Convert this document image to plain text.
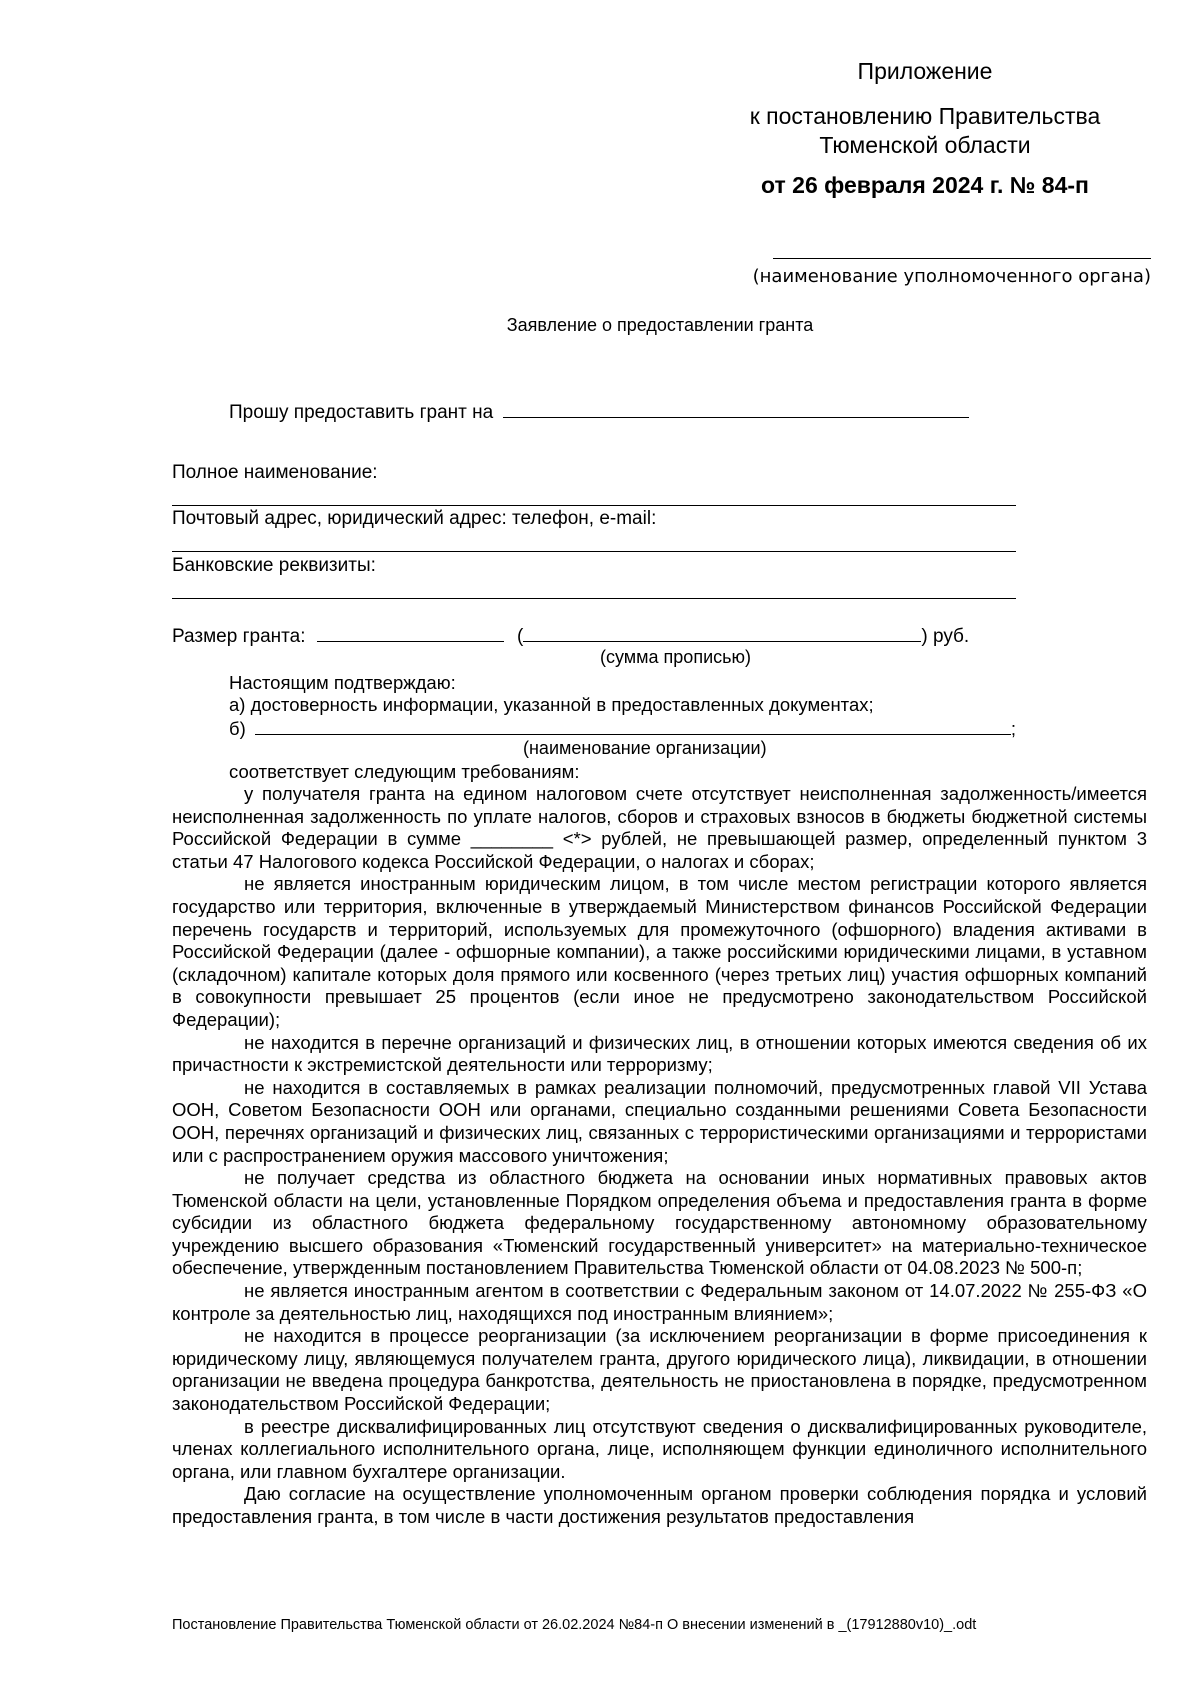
Приложение
к постановлению Правительства
Тюменской области
от 26 февраля 2024 г. № 84-п
(наименование уполномоченного органа)
Заявление о предоставлении гранта
Прошу предоставить грант на
Полное наименование:
Почтовый адрес, юридический адрес: телефон, e-mail:
Банковские реквизиты:
Размер гранта:	(	) руб.
(сумма прописью)
Настоящим подтверждаю:
а) достоверность информации, указанной в предоставленных документах;
б)	;
(наименование организации)
соответствует следующим требованиям:

у получателя гранта на едином налоговом счете отсутствует неисполненная задолженность/имеется неисполненная задолженность по уплате налогов, сборов и страховых взносов в бюджеты бюджетной системы Российской Федерации в сумме ________ <*> рублей, не превышающей размер, определенный пунктом 3 статьи 47 Налогового кодекса Российской Федерации, о налогах и сборах;

не является иностранным юридическим лицом, в том числе местом регистрации которого является государство или территория, включенные в утверждаемый Министерством финансов Российской Федерации перечень государств и территорий, используемых для промежуточного (офшорного) владения активами в Российской Федерации (далее - офшорные компании), а также российскими юридическими лицами, в уставном (складочном) капитале которых доля прямого или косвенного (через третьих лиц) участия офшорных компаний в совокупности превышает 25 процентов (если иное не предусмотрено законодательством Российской Федерации);

не находится в перечне организаций и физических лиц, в отношении которых имеются сведения об их причастности к экстремистской деятельности или терроризму;

не находится в составляемых в рамках реализации полномочий, предусмотренных главой VII Устава ООН, Советом Безопасности ООН или органами, специально созданными решениями Совета Безопасности ООН, перечнях организаций и физических лиц, связанных с террористическими организациями и террористами или с распространением оружия массового уничтожения;

не получает средства из областного бюджета на основании иных нормативных правовых актов Тюменской области на цели, установленные Порядком определения объема и предоставления гранта в форме субсидии из областного бюджета федеральному государственному автономному образовательному учреждению высшего образования «Тюменский государственный университет» на материально-техническое обеспечение, утвержденным постановлением Правительства Тюменской области от 04.08.2023 № 500-п;

не является иностранным агентом в соответствии с Федеральным законом от 14.07.2022 № 255-ФЗ «О контроле за деятельностью лиц, находящихся под иностранным влиянием»;

не находится в процессе реорганизации (за исключением реорганизации в форме присоединения к юридическому лицу, являющемуся получателем гранта, другого юридического лица), ликвидации, в отношении организации не введена процедура банкротства, деятельность не приостановлена в порядке, предусмотренном законодательством Российской Федерации;

в реестре дисквалифицированных лиц отсутствуют сведения о дисквалифицированных руководителе, членах коллегиального исполнительного органа, лице, исполняющем функции единоличного исполнительного органа, или главном бухгалтере организации.

Даю согласие на осуществление уполномоченным органом проверки соблюдения порядка и условий предоставления гранта, в том числе в части достижения результатов предоставления

Постановление Правительства Тюменской области от 26.02.2024 №84-п О внесении изменений в _(17912880v10)_.odt
